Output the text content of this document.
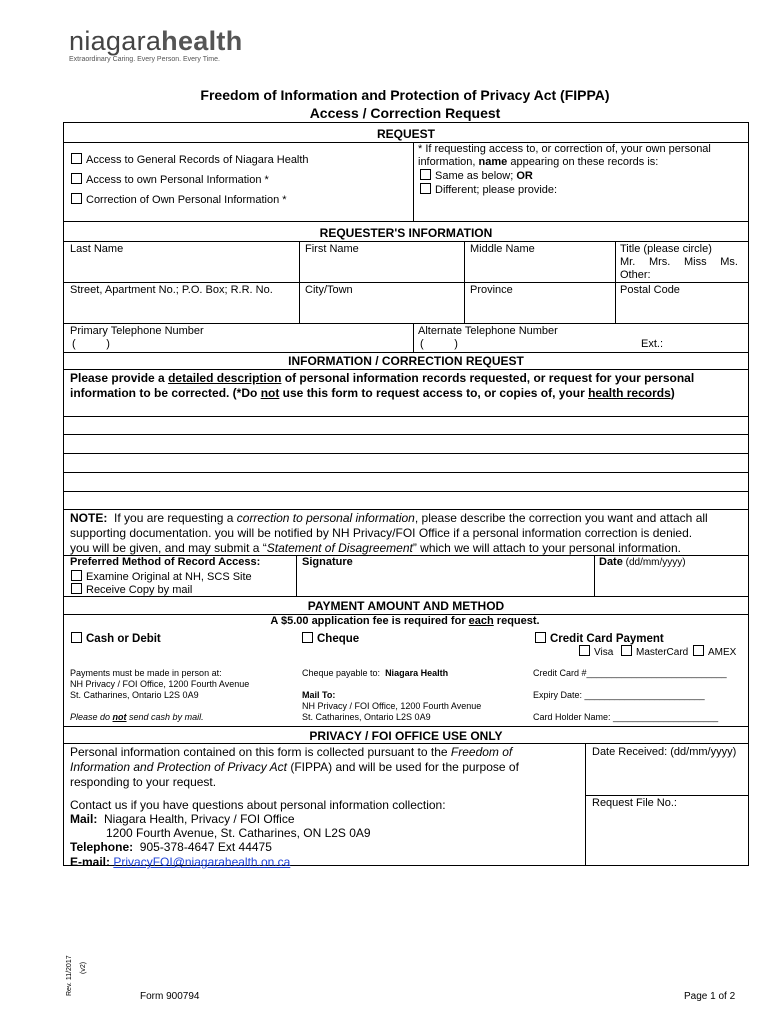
niagarahealth
Extraordinary Caring. Every Person. Every Time.
Freedom of Information and Protection of Privacy Act (FIPPA)
Access / Correction Request
REQUEST
Access to General Records of Niagara Health
Access to own Personal Information *
Correction of Own Personal Information *
* If requesting access to, or correction of, your own personal
information, name appearing on these records is:
Same as below; OR
Different; please provide:
REQUESTER'S INFORMATION
Last Name	First Name	Middle Name	Title (please circle)
Mr. Mrs. Miss Ms.
Other:
Street, Apartment No.; P.O. Box; R.R. No.	City/Town	Province	Postal Code
Primary Telephone Number
(          )
Alternate Telephone Number
(          )	Ext.:
INFORMATION / CORRECTION REQUEST
Please provide a detailed description of personal information records requested, or request for your personal
information to be corrected. (*Do not use this form to request access to, or copies of, your health records)
NOTE:  If you are requesting a correction to personal information, please describe the correction you want and attach all
supporting documentation. you will be notified by NH Privacy/FOI Office if a personal information correction is denied.
you will be given, and may submit a “Statement of Disagreement” which we will attach to your personal information.
Preferred Method of Record Access:
Examine Original at NH, SCS Site
Receive Copy by mail
Signature	Date (dd/mm/yyyy)
PAYMENT AMOUNT AND METHOD
A $5.00 application fee is required for each request.
Cash or Debit	Cheque	Credit Card Payment
Visa	MasterCard	AMEX
Payments must be made in person at:
NH Privacy / FOI Office, 1200 Fourth Avenue
St. Catharines, Ontario L2S 0A9
Please do not send cash by mail.
Cheque payable to:  Niagara Health
Mail To:
NH Privacy / FOI Office, 1200 Fourth Avenue
St. Catharines, Ontario L2S 0A9
Credit Card #____________________________
Expiry Date: ________________________
Card Holder Name: _____________________
PRIVACY / FOI OFFICE USE ONLY
Personal information contained on this form is collected pursuant to the Freedom of
Information and Protection of Privacy Act (FIPPA) and will be used for the purpose of
responding to your request.
Date Received: (dd/mm/yyyy)
Request File No.:
Contact us if you have questions about personal information collection:
Mail:  Niagara Health, Privacy / FOI Office
1200 Fourth Avenue, St. Catharines, ON L2S 0A9
Telephone:  905-378-4647 Ext 44475
E-mail: PrivacyFOI@niagarahealth.on.ca
Rev. 11/2017 (v2)
Form 900794	Page 1 of 2
